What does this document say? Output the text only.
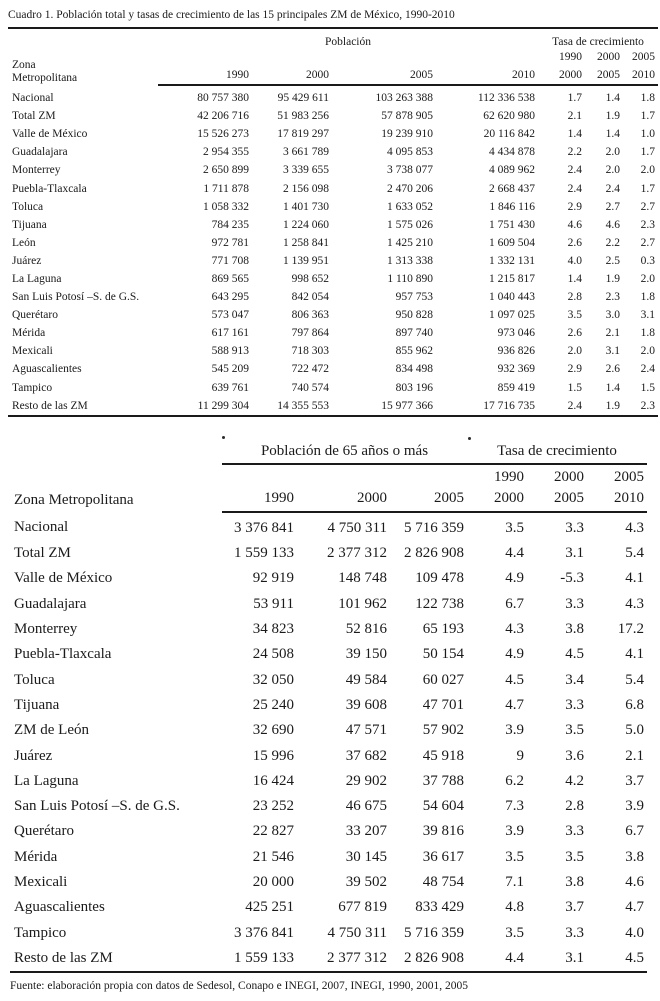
Cuadro 1. Población total y tasas de crecimiento de las 15 principales ZM de México, 1990-2010
Zona
Metropolitana	Población				Tasa de crecimiento		
					1990	2000	2005
	1990	2000	2005	2010	2000	2005	2010
Nacional	80 757 380	95 429 611	103 263 388	112 336 538	1.7	1.4	1.8
Total ZM	42 206 716	51 983 256	57 878 905	62 620 980	2.1	1.9	1.7
Valle de México	15 526 273	17 819 297	19 239 910	20 116 842	1.4	1.4	1.0
Guadalajara	2 954 355	3 661 789	4 095 853	4 434 878	2.2	2.0	1.7
Monterrey	2 650 899	3 339 655	3 738 077	4 089 962	2.4	2.0	2.0
Puebla-Tlaxcala	1 711 878	2 156 098	2 470 206	2 668 437	2.4	2.4	1.7
Toluca	1 058 332	1 401 730	1 633 052	1 846 116	2.9	2.7	2.7
Tijuana	784 235	1 224 060	1 575 026	1 751 430	4.6	4.6	2.3
León	972 781	1 258 841	1 425 210	1 609 504	2.6	2.2	2.7
Juárez	771 708	1 139 951	1 313 338	1 332 131	4.0	2.5	0.3
La Laguna	869 565	998 652	1 110 890	1 215 817	1.4	1.9	2.0
San Luis Potosí –S. de G.S.	643 295	842 054	957 753	1 040 443	2.8	2.3	1.8
Querétaro	573 047	806 363	950 828	1 097 025	3.5	3.0	3.1
Mérida	617 161	797 864	897 740	973 046	2.6	2.1	1.8
Mexicali	588 913	718 303	855 962	936 826	2.0	3.1	2.0
Aguascalientes	545 209	722 472	834 498	932 369	2.9	2.6	2.4
Tampico	639 761	740 574	803 196	859 419	1.5	1.4	1.5
Resto de las ZM	11 299 304	14 355 553	15 977 366	17 716 735	2.4	1.9	2.3
Zona Metropolitana	Población de 65 años o más			Tasa de crecimiento		
				1990	2000	2005
	1990	2000	2005	2000	2005	2010
Nacional	3 376 841	4 750 311	5 716 359	3.5	3.3	4.3
Total ZM	1 559 133	2 377 312	2 826 908	4.4	3.1	5.4
Valle de México	92 919	148 748	109 478	4.9	-5.3	4.1
Guadalajara	53 911	101 962	122 738	6.7	3.3	4.3
Monterrey	34 823	52 816	65 193	4.3	3.8	17.2
Puebla-Tlaxcala	24 508	39 150	50 154	4.9	4.5	4.1
Toluca	32 050	49 584	60 027	4.5	3.4	5.4
Tijuana	25 240	39 608	47 701	4.7	3.3	6.8
ZM de León	32 690	47 571	57 902	3.9	3.5	5.0
Juárez	15 996	37 682	45 918	9	3.6	2.1
La Laguna	16 424	29 902	37 788	6.2	4.2	3.7
San Luis Potosí –S. de G.S.	23 252	46 675	54 604	7.3	2.8	3.9
Querétaro	22 827	33 207	39 816	3.9	3.3	6.7
Mérida	21 546	30 145	36 617	3.5	3.5	3.8
Mexicali	20 000	39 502	48 754	7.1	3.8	4.6
Aguascalientes	425 251	677 819	833 429	4.8	3.7	4.7
Tampico	3 376 841	4 750 311	5 716 359	3.5	3.3	4.0
Resto de las ZM	1 559 133	2 377 312	2 826 908	4.4	3.1	4.5
Fuente: elaboración propia con datos de Sedesol, Conapo e INEGI, 2007, INEGI, 1990, 2001, 2005
